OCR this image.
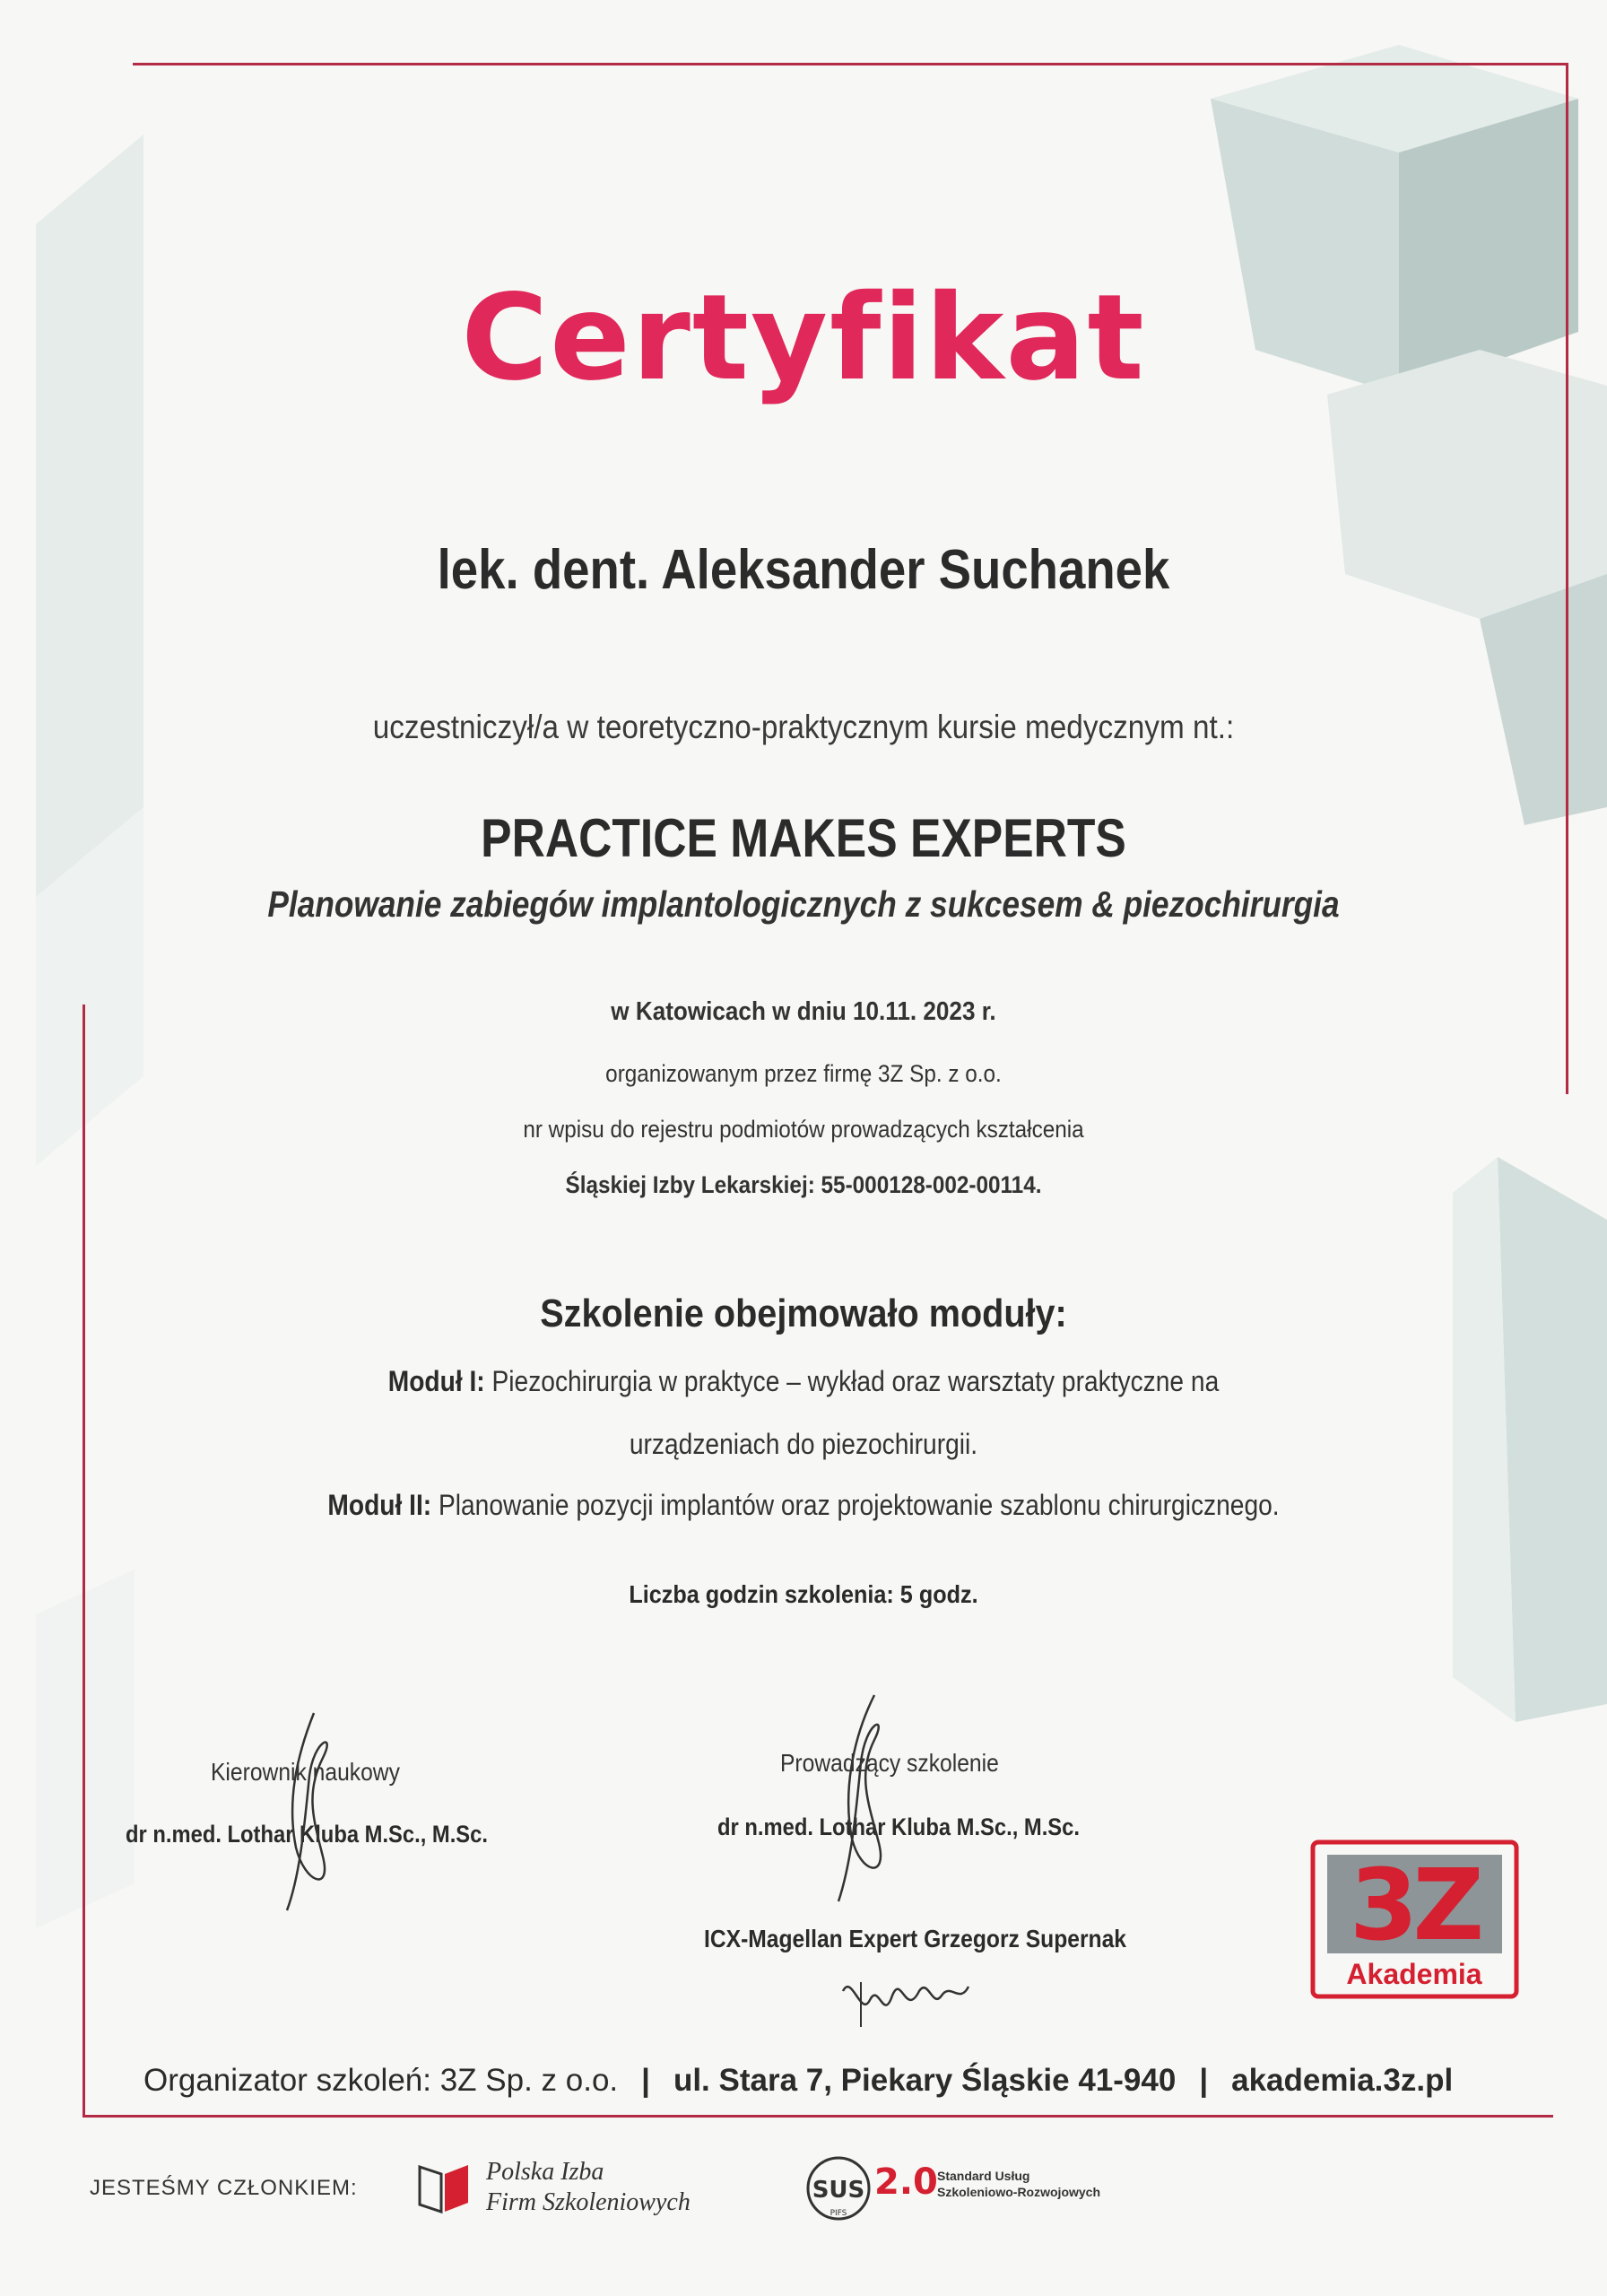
Certyfikat
lek. dent. Aleksander Suchanek
uczestniczył/a w teoretyczno-praktycznym kursie medycznym nt.:
PRACTICE MAKES EXPERTS
Planowanie zabiegów implantologicznych z sukcesem & piezochirurgia
w Katowicach w dniu 10.11. 2023 r.
organizowanym przez firmę 3Z Sp. z o.o.
nr wpisu do rejestru podmiotów prowadzących kształcenia
Śląskiej Izby Lekarskiej: 55-000128-002-00114.
Szkolenie obejmowało moduły:
Moduł I: Piezochirurgia w praktyce – wykład oraz warsztaty praktyczne na
urządzeniach do piezochirurgii.
Moduł II: Planowanie pozycji implantów oraz projektowanie szablonu chirurgicznego.
Liczba godzin szkolenia: 5 godz.
Kierownik naukowy
dr n.med. Lothar Kluba M.Sc., M.Sc.
Prowadzący szkolenie
dr n.med. Lothar Kluba M.Sc., M.Sc.
ICX-Magellan Expert Grzegorz Supernak 3Z
Akademia
Organizator szkoleń: 3Z Sp. z o.o. | ul. Stara 7, Piekary Śląskie 41-940 | akademia.3z.pl
JESTEŚMY CZŁONKIEM:
Polska Izba
Firm Szkoleniowych	SUS
PIFS
2.0 Standard Usług
Szkoleniowo-Rozwojowych
